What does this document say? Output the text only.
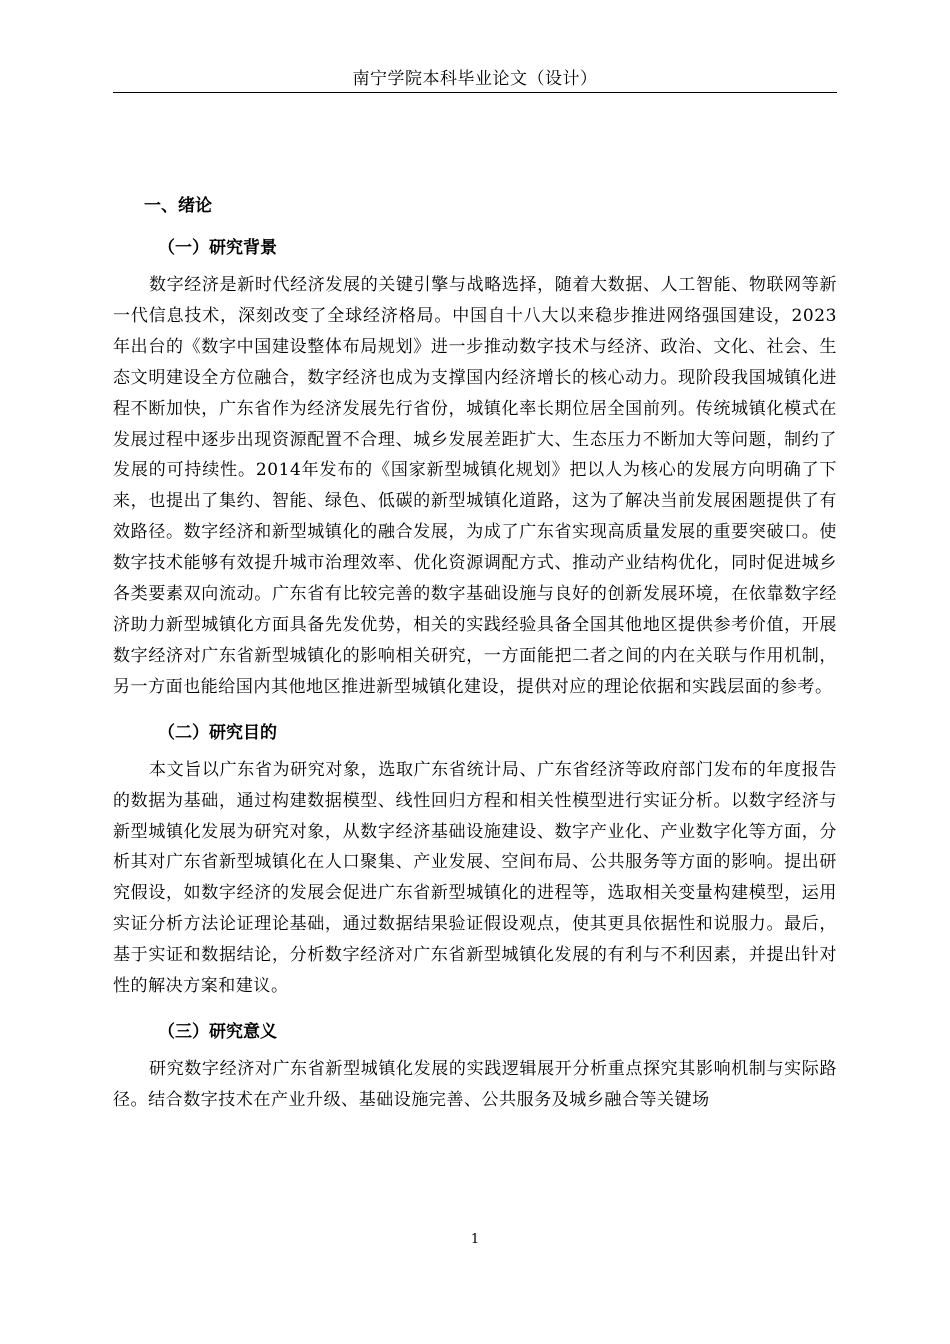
南宁学院本科毕业论文（设计）
一、绪论
（一）研究背景

数字经济是新时代经济发展的关键引擎与战略选择，随着大数据、人工智能、物联网等新一代信息技术，深刻改变了全球经济格局。中国自十八大以来稳步推进网络强国建设，2023年出台的《数字中国建设整体布局规划》进一步推动数字技术与经济、政治、文化、社会、生态文明建设全方位融合，数字经济也成为支撑国内经济增长的核心动力。现阶段我国城镇化进程不断加快，广东省作为经济发展先行省份，城镇化率长期位居全国前列。传统城镇化模式在发展过程中逐步出现资源配置不合理、城乡发展差距扩大、生态压力不断加大等问题，制约了发展的可持续性。2014年发布的《国家新型城镇化规划》把以人为核心的发展方向明确了下来，也提出了集约、智能、绿色、低碳的新型城镇化道路，这为了解决当前发展困题提供了有效路径。数字经济和新型城镇化的融合发展，为成了广东省实现高质量发展的重要突破口。使数字技术能够有效提升城市治理效率、优化资源调配方式、推动产业结构优化，同时促进城乡各类要素双向流动。广东省有比较完善的数字基础设施与良好的创新发展环境，在依靠数字经济助力新型城镇化方面具备先发优势，相关的实践经验具备全国其他地区提供参考价值，开展数字经济对广东省新型城镇化的影响相关研究，一方面能把二者之间的内在关联与作用机制，另一方面也能给国内其他地区推进新型城镇化建设，提供对应的理论依据和实践层面的参考。

（二）研究目的

本文旨以广东省为研究对象，选取广东省统计局、广东省经济等政府部门发布的年度报告的数据为基础，通过构建数据模型、线性回归方程和相关性模型进行实证分析。以数字经济与新型城镇化发展为研究对象，从数字经济基础设施建设、数字产业化、产业数字化等方面，分析其对广东省新型城镇化在人口聚集、产业发展、空间布局、公共服务等方面的影响。提出研究假设，如数字经济的发展会促进广东省新型城镇化的进程等，选取相关变量构建模型，运用实证分析方法论证理论基础，通过数据结果验证假设观点，使其更具依据性和说服力。最后，基于实证和数据结论，分析数字经济对广东省新型城镇化发展的有利与不利因素，并提出针对性的解决方案和建议。

（三）研究意义

研究数字经济对广东省新型城镇化发展的实践逻辑展开分析重点探究其影响机制与实际路径。结合数字技术在产业升级、基础设施完善、公共服务及城乡融合等关键场

1
